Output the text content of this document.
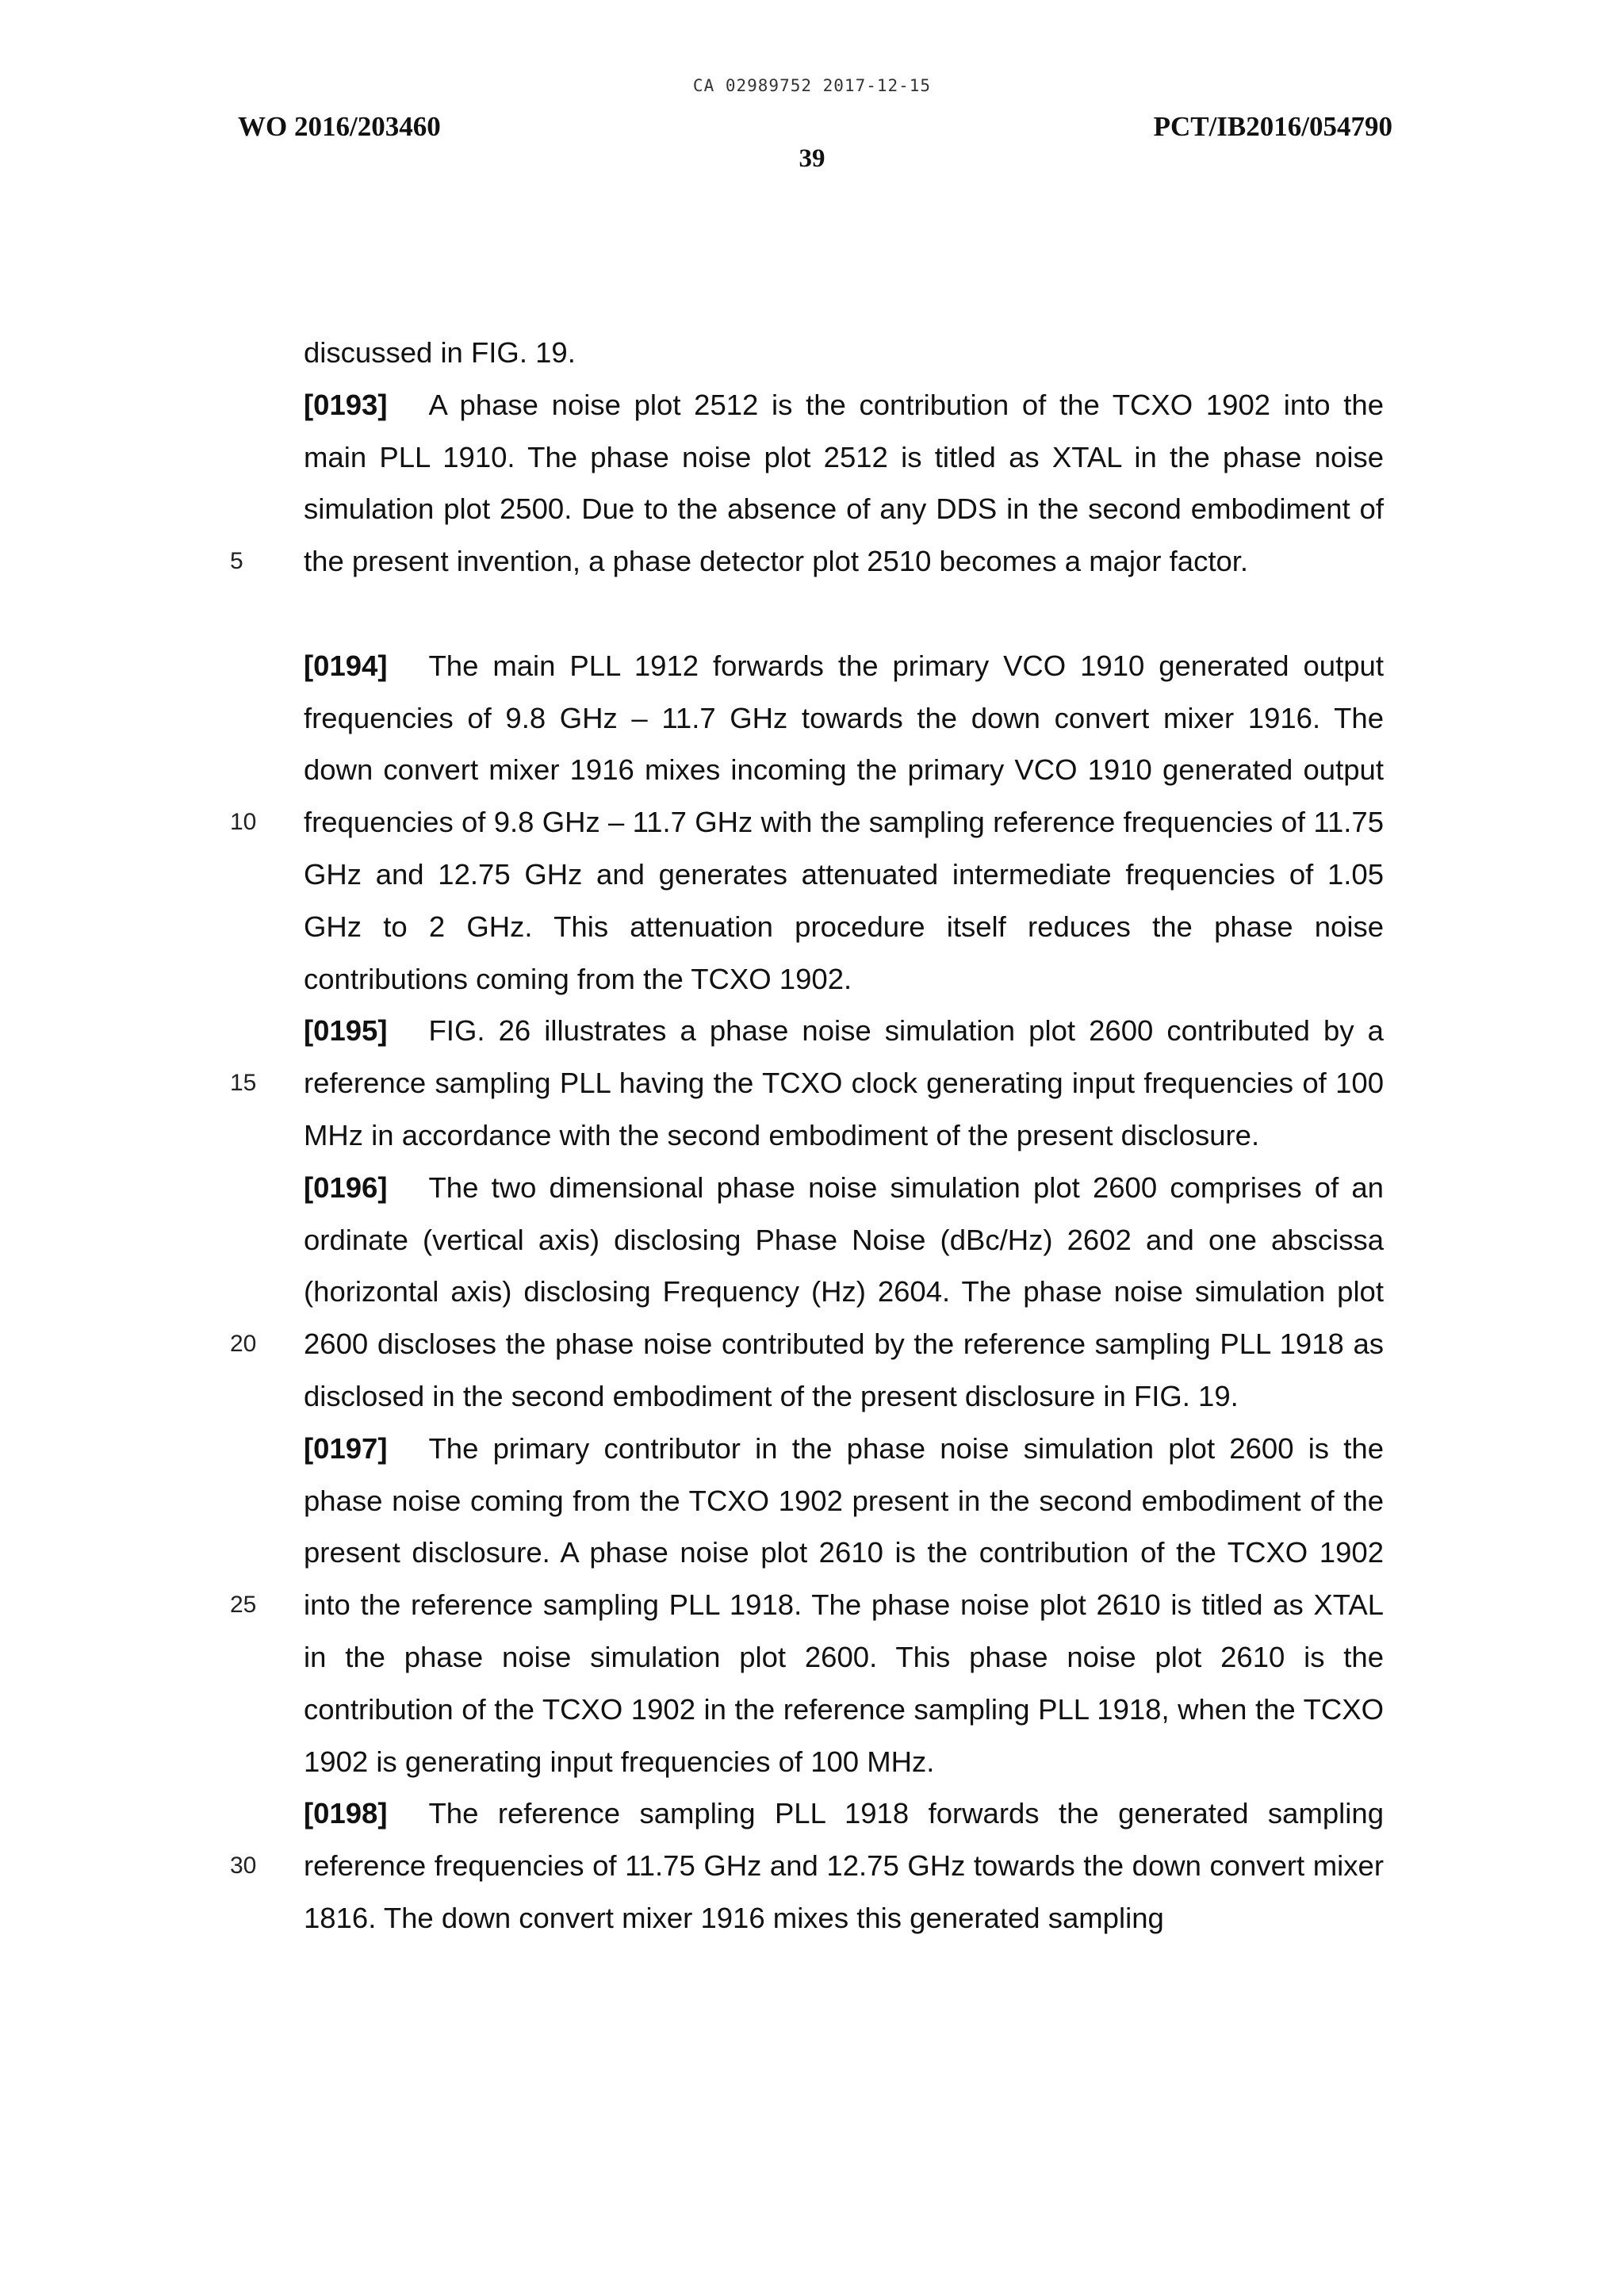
CA 02989752 2017-12-15
WO 2016/203460	PCT/IB2016/054790
39

discussed in FIG. 19.

[0193] A phase noise plot 2512 is the contribution of the TCXO 1902 into the main PLL 1910. The phase noise plot 2512 is titled as XTAL in the phase noise simulation plot 2500. Due to the absence of any DDS in the second embodiment of the present invention, a phase detector plot 2510 becomes a major factor.

[0194] The main PLL 1912 forwards the primary VCO 1910 generated output frequencies of 9.8 GHz – 11.7 GHz towards the down convert mixer 1916. The down convert mixer 1916 mixes incoming the primary VCO 1910 generated output frequencies of 9.8 GHz – 11.7 GHz with the sampling reference frequencies of 11.75 GHz and 12.75 GHz and generates attenuated intermediate frequencies of 1.05 GHz to 2 GHz. This attenuation procedure itself reduces the phase noise contributions coming from the TCXO 1902.

[0195] FIG. 26 illustrates a phase noise simulation plot 2600 contributed by a reference sampling PLL having the TCXO clock generating input frequencies of 100 MHz in accordance with the second embodiment of the present disclosure.

[0196] The two dimensional phase noise simulation plot 2600 comprises of an ordinate (vertical axis) disclosing Phase Noise (dBc/Hz) 2602 and one abscissa (horizontal axis) disclosing Frequency (Hz) 2604. The phase noise simulation plot 2600 discloses the phase noise contributed by the reference sampling PLL 1918 as disclosed in the second embodiment of the present disclosure in FIG. 19.

[0197] The primary contributor in the phase noise simulation plot 2600 is the phase noise coming from the TCXO 1902 present in the second embodiment of the present disclosure. A phase noise plot 2610 is the contribution of the TCXO 1902 into the reference sampling PLL 1918. The phase noise plot 2610 is titled as XTAL in the phase noise simulation plot 2600. This phase noise plot 2610 is the contribution of the TCXO 1902 in the reference sampling PLL 1918, when the TCXO 1902 is generating input frequencies of 100 MHz.

[0198] The reference sampling PLL 1918 forwards the generated sampling reference frequencies of 11.75 GHz and 12.75 GHz towards the down convert mixer 1816. The down convert mixer 1916 mixes this generated sampling

5
10
15
20
25
30
